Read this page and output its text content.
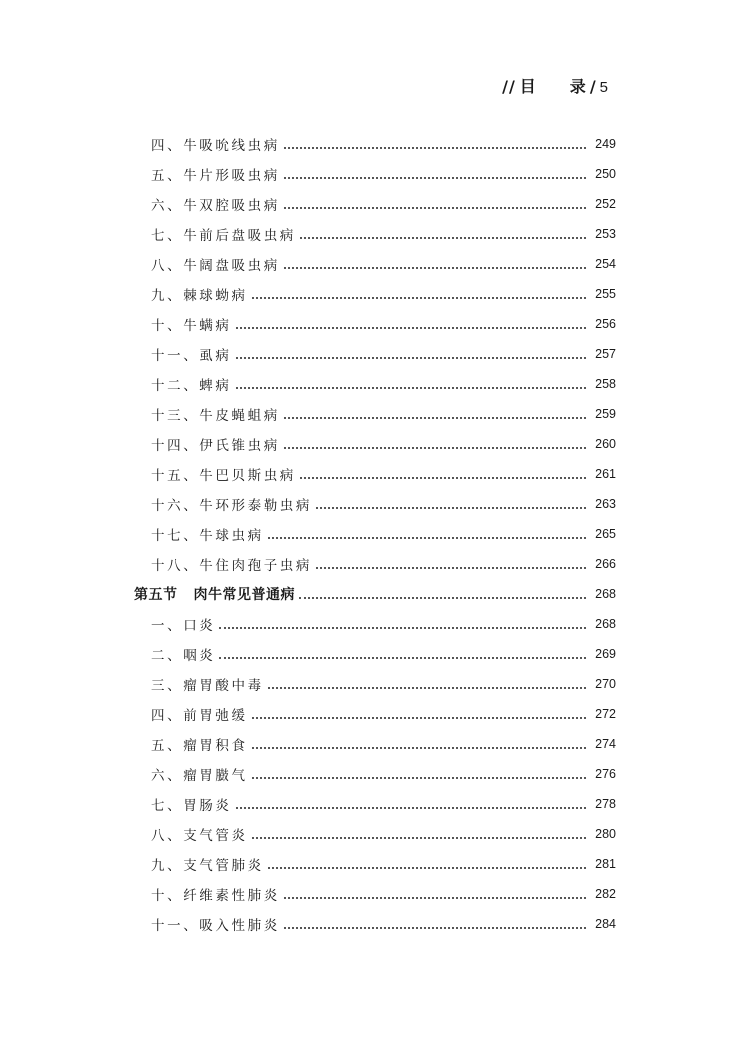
// 目 录 / 5
四、牛吸吮线虫病	249
五、牛片形吸虫病	250
六、牛双腔吸虫病	252
七、牛前后盘吸虫病	253
八、牛阔盘吸虫病	254
九、棘球蚴病	255
十、牛螨病	256
十一、虱病	257
十二、蜱病	258
十三、牛皮蝇蛆病	259
十四、伊氏锥虫病	260
十五、牛巴贝斯虫病	261
十六、牛环形泰勒虫病	263
十七、牛球虫病	265
十八、牛住肉孢子虫病	266
第五节 肉牛常见普通病	268
一、口炎	268
二、咽炎	269
三、瘤胃酸中毒	270
四、前胃弛缓	272
五、瘤胃积食	274
六、瘤胃臌气	276
七、胃肠炎	278
八、支气管炎	280
九、支气管肺炎	281
十、纤维素性肺炎	282
十一、吸入性肺炎	284
